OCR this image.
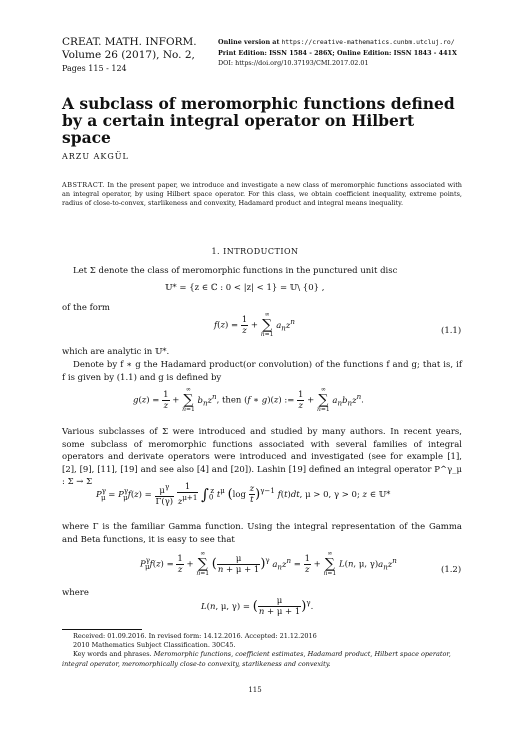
CREAT. MATH. INFORM.
Volume 26 (2017), No. 2,
Pages 115 - 124
Online version at https://creative-mathematics.cunbm.utcluj.ro/
Print Edition: ISSN 1584 - 286X; Online Edition: ISSN 1843 - 441X
DOI: https://doi.org/10.37193/CMI.2017.02.01
A subclass of meromorphic functions defined by a certain integral operator on Hilbert space
ARZU AKGÜL
ABSTRACT. In the present paper, we introduce and investigate a new class of meromorphic functions associated with an integral operator, by using Hilbert space operator. For this class, we obtain coefficient inequality, extreme points, radius of close-to-convex, starlikeness and convexity, Hadamard product and integral means inequality.
1. INTRODUCTION
Let Σ denote the class of meromorphic functions in the punctured unit disc
𝕌* = {z ∈ ℂ : 0 < |z| < 1} = 𝕌\ {0} ,
of the form
$f(z) = \frac{1}{z}$ + ∞
∑
n=1 $a_nz^n$
(1.1)
which are analytic in 𝕌*.
Denote by f ∗ g the Hadamard product(or convolution) of the functions f and g; that is, if f is given by (1.1) and g is defined by
$g(z) = \frac{1}{z}$ + ∞
∑
n=1 $b_nz^n$, then (f ∗ g)(z) := $\frac{1}{z}$ + ∞
∑
n=1 $a_nb_nz^n$.
Various subclasses of Σ were introduced and studied by many authors. In recent years, some subclass of meromorphic functions associated with several families of integral operators and derivate operators were introduced and investigated (see for example [1], [2], [9], [11], [19] and see also [4] and [20]). Lashin [19] defined an integral operator P^γ_μ : Σ → Σ
$P^\gamma_\mu = P^\gamma_\mu f(z) = \frac{\mu^\gamma}{\Gamma(\gamma)}$
$\frac{1}{z^{\mu+1}} \int_0^z$ $t^\mu$ $(\log \frac{z}{t} )^{\gamma-1}$ f(t)dt, μ > 0, γ > 0; z ∈ 𝕌*
where Γ is the familiar Gamma function. Using the integral representation of the Gamma and Beta functions, it is easy to see that
$P^\gamma_\mu f(z) = \frac{1}{z}$ + ∞
∑
n=1 ( $\frac{\mu}{n + \mu + 1} )^\gamma$ $a_nz^n = \frac{1}{z}$ + ∞
∑
n=1 L(n, μ, $\gamma)a_nz^n$
(1.2)
where
L(n, μ, γ) = ( $\frac{\mu}{n + \mu + 1} )^\gamma$.
Received: 01.09.2016. In revised form: 14.12.2016. Accepted: 21.12.2016
2010 Mathematics Subject Classification. 30C45.
Key words and phrases. Meromorphic functions, coefficient estimates, Hadamard product, Hilbert space operator, integral operator, meromorphically close-to convexity, starlikeness and convexity.
115
